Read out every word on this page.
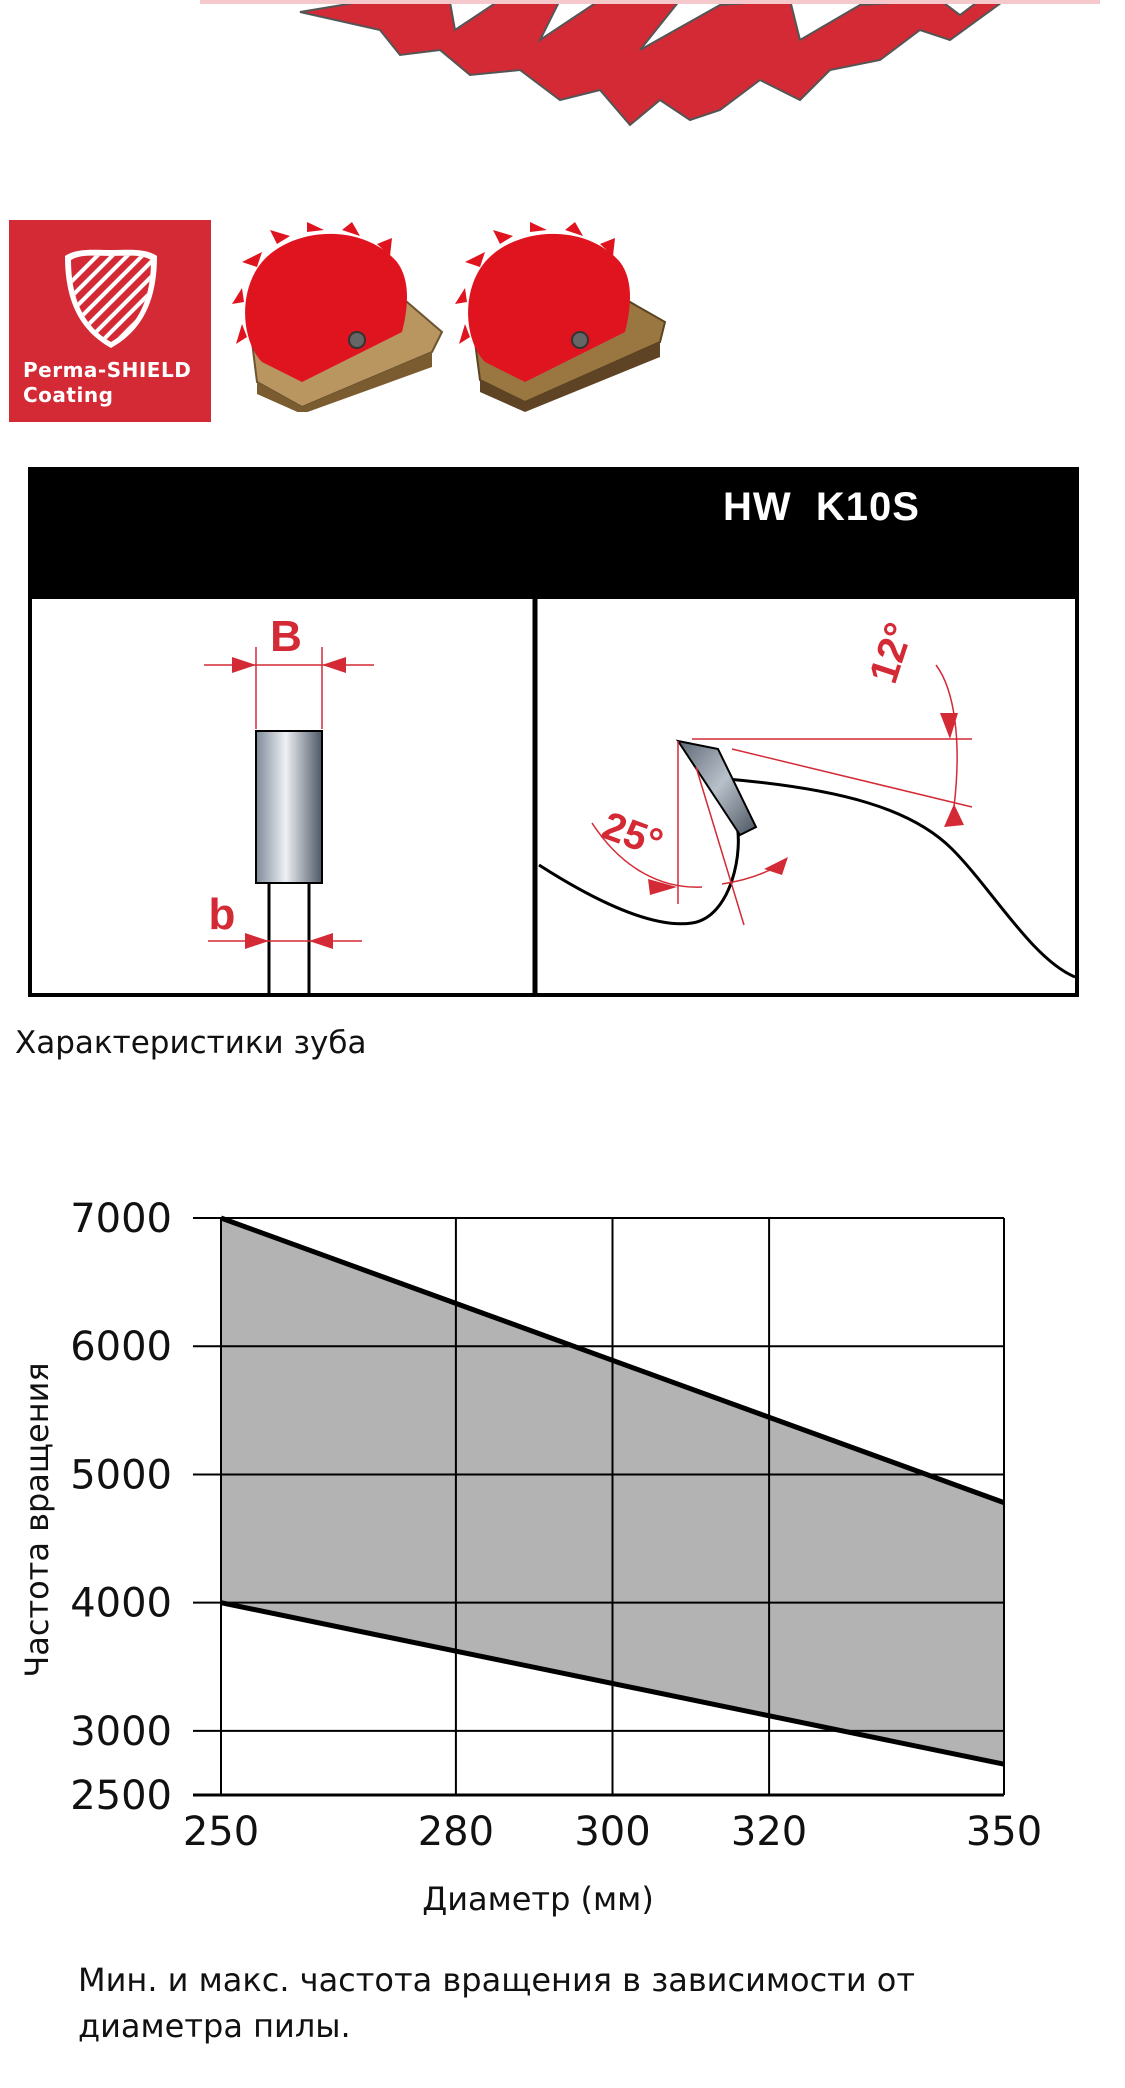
Perma-SHIELD
Coating
HW  K10S
B
b
25°
12°
Характеристики зуба
2500
3000
4000
5000
6000
7000
250	280 300 320	350
Диаметр (мм)
Частота вращения
Мин. и макс. частота вращения в зависимости от диаметра пилы.
